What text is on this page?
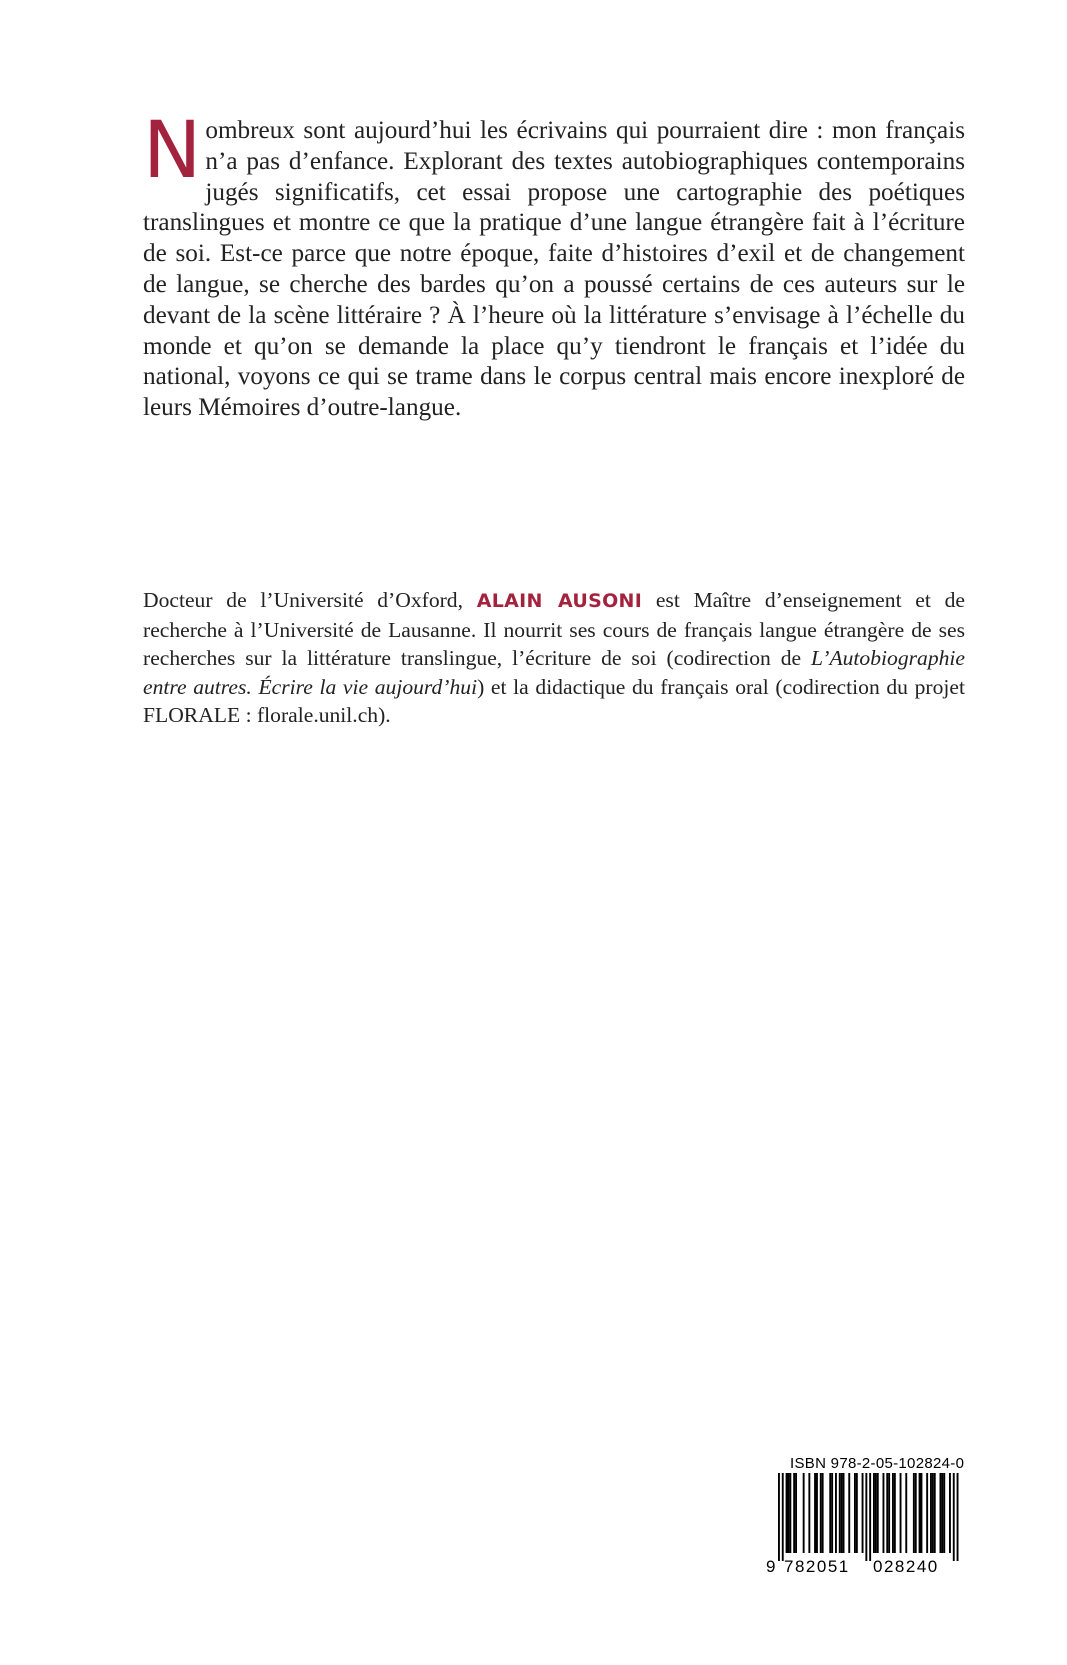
Nombreux sont aujourd’hui les écrivains qui pourraient dire : mon français n’a pas d’enfance. Explorant des textes autobiographiques contemporains jugés significatifs, cet essai propose une cartographie des poétiques translingues et montre ce que la pratique d’une langue étrangère fait à l’écriture de soi. Est-ce parce que notre époque, faite d’histoires d’exil et de changement de langue, se cherche des bardes qu’on a poussé certains de ces auteurs sur le devant de la scène littéraire ? À l’heure où la littérature s’envisage à l’échelle du monde et qu’on se demande la place qu’y tiendront le français et l’idée du national, voyons ce qui se trame dans le corpus central mais encore inexploré de leurs Mémoires d’outre-langue.

Docteur de l’Université d’Oxford, ALAIN AUSONI est Maître d’enseignement et de recherche à l’Université de Lausanne. Il nourrit ses cours de français langue étrangère de ses recherches sur la littérature translingue, l’écriture de soi (codirection de L’Autobiographie entre autres. Écrire la vie aujourd’hui) et la didactique du français oral (codirection du projet FLORALE : florale.unil.ch).

ISBN 978-2-05-102824-0
9 782051 028240
